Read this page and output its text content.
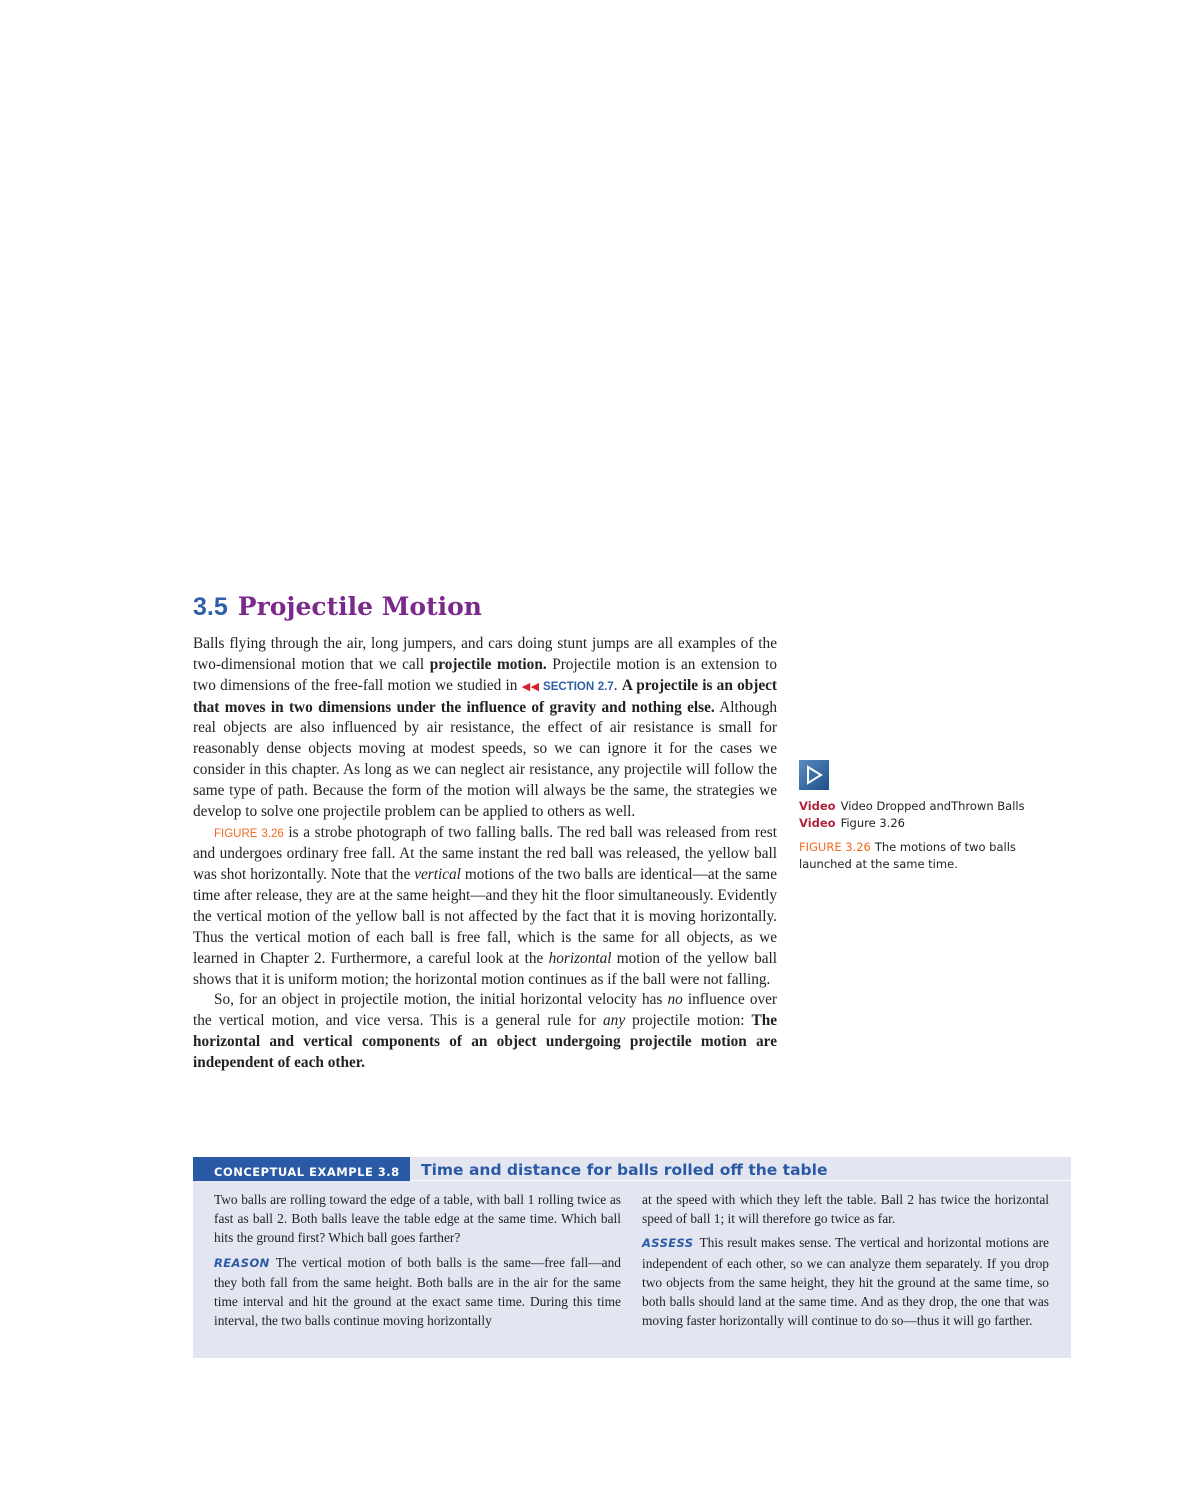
3.5 Projectile Motion

Balls flying through the air, long jumpers, and cars doing stunt jumps are all examples of the two-dimensional motion that we call projectile motion. Projectile motion is an extension to two dimensions of the free-fall motion we studied in ◀◀ SECTION 2.7. A projectile is an object that moves in two dimensions under the influence of gravity and nothing else. Although real objects are also influenced by air resistance, the effect of air resistance is small for reasonably dense objects moving at modest speeds, so we can ignore it for the cases we consider in this chapter. As long as we can neglect air resistance, any projectile will follow the same type of path. Because the form of the motion will always be the same, the strategies we develop to solve one projectile problem can be applied to others as well.

FIGURE 3.26 is a strobe photograph of two falling balls. The red ball was released from rest and undergoes ordinary free fall. At the same instant the red ball was released, the yellow ball was shot horizontally. Note that the vertical motions of the two balls are identical—at the same time after release, they are at the same height—and they hit the floor simultaneously. Evidently the vertical motion of the yellow ball is not affected by the fact that it is moving horizontally. Thus the vertical motion of each ball is free fall, which is the same for all objects, as we learned in Chapter 2. Furthermore, a careful look at the horizontal motion of the yellow ball shows that it is uniform motion; the horizontal motion continues as if the ball were not falling.

So, for an object in projectile motion, the initial horizontal velocity has no influence over the vertical motion, and vice versa. This is a general rule for any projectile motion: The horizontal and vertical components of an object undergoing projectile motion are independent of each other.

Video Video Dropped andThrown Balls
Video Figure 3.26
FIGURE 3.26 The motions of two balls launched at the same time.
CONCEPTUAL EXAMPLE 3.8	Time and distance for balls rolled off the table

Two balls are rolling toward the edge of a table, with ball 1 rolling twice as fast as ball 2. Both balls leave the table edge at the same time. Which ball hits the ground first? Which ball goes farther?

REASON The vertical motion of both balls is the same—free fall—and they both fall from the same height. Both balls are in the air for the same time interval and hit the ground at the exact same time. During this time interval, the two balls continue moving horizontally

at the speed with which they left the table. Ball 2 has twice the horizontal speed of ball 1; it will therefore go twice as far.

ASSESS This result makes sense. The vertical and horizontal motions are independent of each other, so we can analyze them separately. If you drop two objects from the same height, they hit the ground at the same time, so both balls should land at the same time. And as they drop, the one that was moving faster horizontally will continue to do so—thus it will go farther.
